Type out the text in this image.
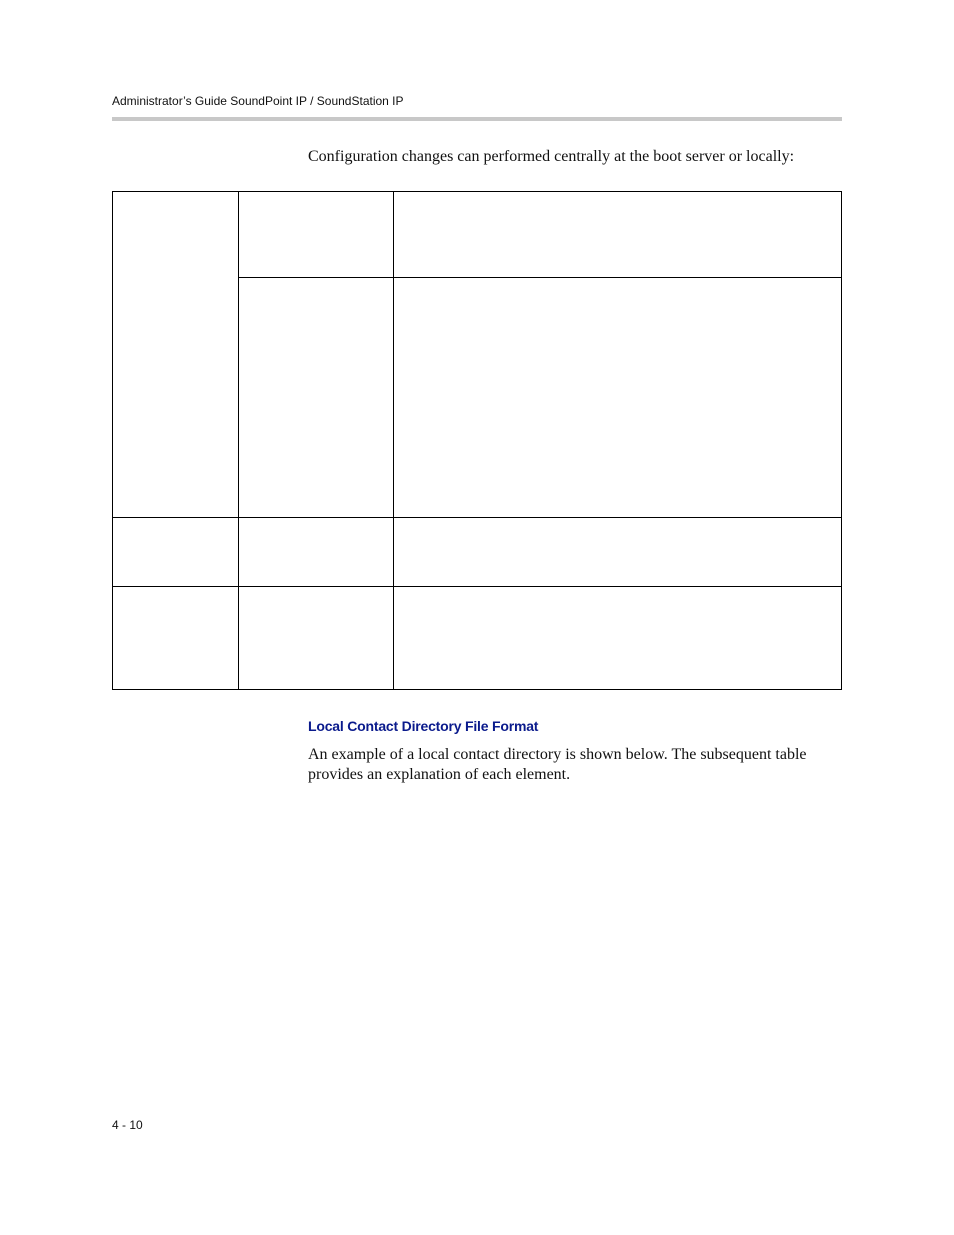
Administrator’s Guide SoundPoint IP / SoundStation IP
Configuration changes can performed centrally at the boot server or locally:

Local Contact Directory File Format
An example of a local contact directory is shown below. The subsequent table provides an explanation of each element.
4 - 10
